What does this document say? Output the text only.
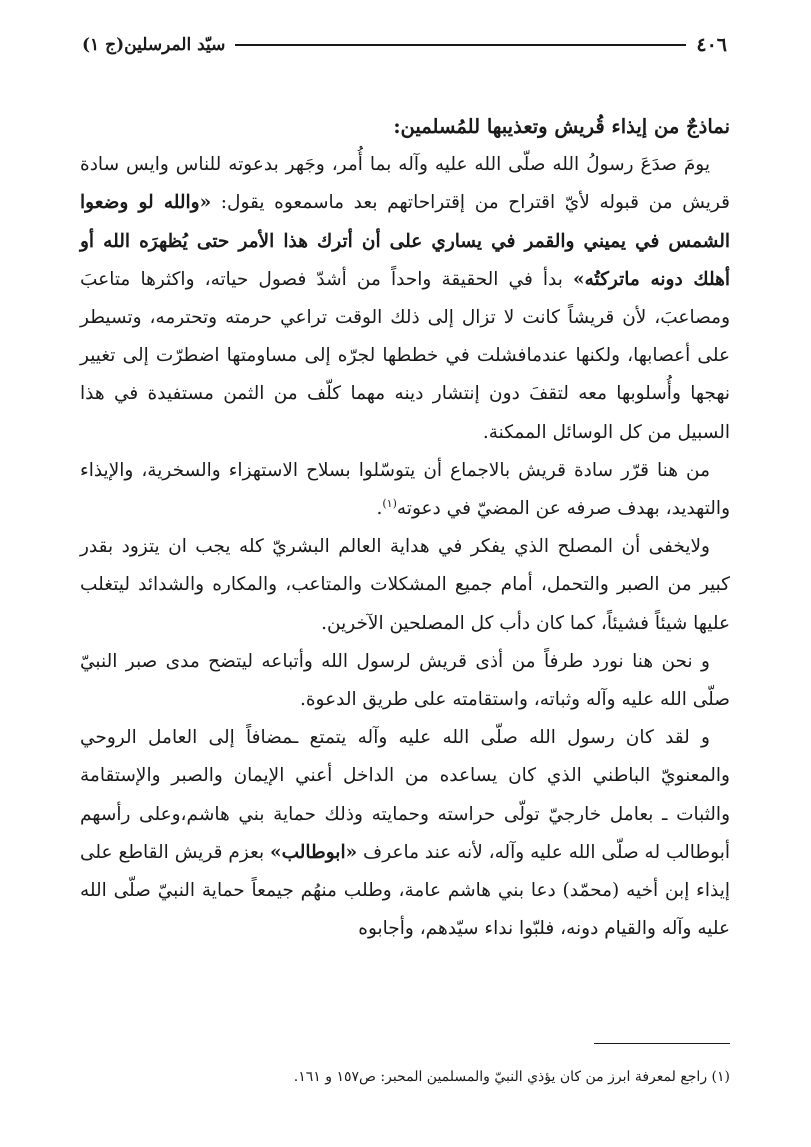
٤٠٦
سيّد المرسلين(ج ١)
نماذجٌ من إيذاء قُريش وتعذيبها للمُسلمين:

يومَ صدَعَ رسولُ الله صلّى الله عليه وآله بما أُمر، وجَهر بدعوته للناس وايس سادة قريش من قبوله لأيّ اقتراح من إقتراحاتهم بعد ماسمعوه يقول: «والله لو وضعوا الشمس في يميني والقمر في يساري على أن أترك هذا الأمر حتى يُظهرَه الله أو أهلك دونه ماتركتُه» بدأ في الحقيقة واحداً من أشدّ فصول حياته، واكثرها متاعبَ ومصاعبَ، لأن قريشاً كانت لا تزال إلى ذلك الوقت تراعي حرمته وتحترمه، وتسيطر على أعصابها، ولكنها عندمافشلت في خططها لجرّه إلى مساومتها اضطرّت إلى تغيير نهجها وأُسلوبها معه لتقفَ دون إنتشار دينه مهما كلّف من الثمن مستفيدة في هذا السبيل من كل الوسائل الممكنة.

من هنا قرّر سادة قريش بالاجماع أن يتوسّلوا بسلاح الاستهزاء والسخرية، والإيذاء والتهديد، بهدف صرفه عن المضيّ في دعوته$^{(١)}$.

ولايخفى أن المصلح الذي يفكر في هداية العالم البشريّ كله يجب ان يتزود بقدر كبير من الصبر والتحمل، أمام جميع المشكلات والمتاعب، والمكاره والشدائد ليتغلب عليها شيئاً فشيئاً، كما كان دأب كل المصلحين الآخرين.

و نحن هنا نورد طرفاً من أذى قريش لرسول الله وأتباعه ليتضح مدى صبر النبيّ صلّى الله عليه وآله وثباته، واستقامته على طريق الدعوة.

و لقد كان رسول الله صلّى الله عليه وآله يتمتع ـمضافاً إلى العامل الروحي والمعنويّ الباطني الذي كان يساعده من الداخل أعني الإيمان والصبر والإستقامة والثبات ـ بعامل خارجيّ تولّى حراسته وحمايته وذلك حماية بني هاشم،وعلى رأسهم أبوطالب له صلّى الله عليه وآله، لأنه عند ماعرف «ابوطالب» بعزم قريش القاطع على إيذاء إبن أخيه (محمّد) دعا بني هاشم عامة، وطلب منهُم جيمعاً حماية النبيّ صلّى الله عليه وآله والقيام دونه، فلبّوا نداء سيّدهم، وأجابوه

(١) راجع لمعرفة ابرز من كان يؤذي النبيّ والمسلمين المحبر: ص١٥٧ و ١٦١.
